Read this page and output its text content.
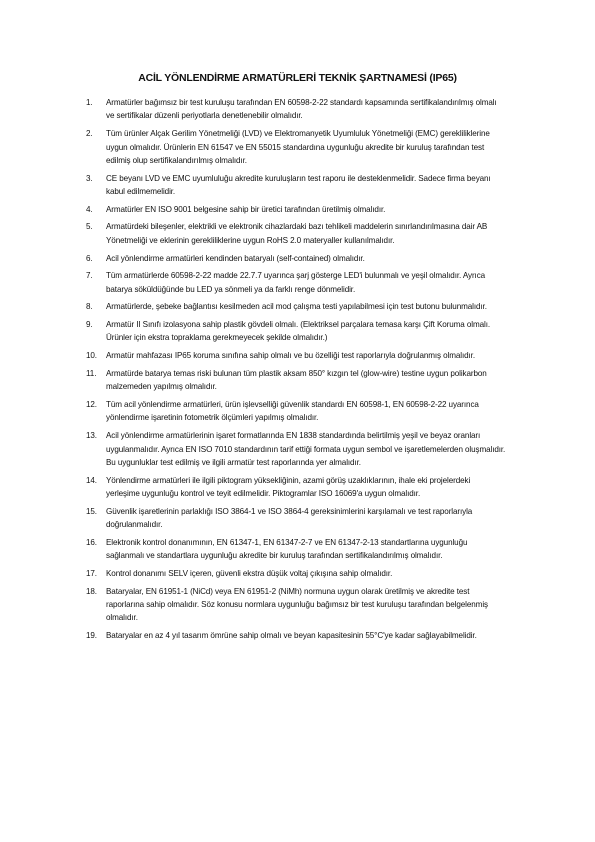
ACİL YÖNLENDİRME ARMATÜRLERİ TEKNİK ŞARTNAMESİ (IP65)
1.	Armatürler bağımsız bir test kuruluşu tarafından EN 60598-2-22 standardı kapsamında sertifikalandırılmış olmalı ve sertifikalar düzenli periyotlarla denetlenebilir olmalıdır.
2.	Tüm ürünler Alçak Gerilim Yönetmeliği (LVD) ve Elektromanyetik Uyumluluk Yönetmeliği (EMC) gerekliliklerine uygun olmalıdır. Ürünlerin EN 61547 ve EN 55015 standardına uygunluğu akredite bir kuruluş tarafından test edilmiş olup sertifikalandırılmış olmalıdır.
3.	CE beyanı LVD ve EMC uyumluluğu akredite kuruluşların test raporu ile desteklenmelidir. Sadece firma beyanı kabul edilmemelidir.
4.	Armatürler EN ISO 9001 belgesine sahip bir üretici tarafından üretilmiş olmalıdır.
5.	Armatürdeki bileşenler, elektrikli ve elektronik cihazlardaki bazı tehlikeli maddelerin sınırlandırılmasına dair AB Yönetmeliği ve eklerinin gerekliliklerine uygun RoHS 2.0 materyaller kullanılmalıdır.
6.	Acil yönlendirme armatürleri kendinden bataryalı (self-contained) olmalıdır.
7.	Tüm armatürlerde 60598-2-22 madde 22.7.7 uyarınca şarj gösterge LED'i bulunmalı ve yeşil olmalıdır. Ayrıca batarya söküldüğünde bu LED ya sönmeli ya da farklı renge dönmelidir.
8.	Armatürlerde, şebeke bağlantısı kesilmeden acil mod çalışma testi yapılabilmesi için test butonu bulunmalıdır.
9.	Armatür II Sınıfı izolasyona sahip plastik gövdeli olmalı. (Elektriksel parçalara temasa karşı Çift Koruma olmalı. Ürünler için ekstra topraklama gerekmeyecek şekilde olmalıdır.)
10.	Armatür mahfazası IP65 koruma sınıfına sahip olmalı ve bu özelliği test raporlarıyla doğrulanmış olmalıdır.
11.	Armatürde batarya temas riski bulunan tüm plastik aksam 850° kızgın tel (glow-wire) testine uygun polikarbon malzemeden yapılmış olmalıdır.
12.	Tüm acil yönlendirme armatürleri, ürün işlevselliği güvenlik standardı EN 60598-1, EN 60598-2-22 uyarınca yönlendirme işaretinin fotometrik ölçümleri yapılmış olmalıdır.
13.	Acil yönlendirme armatürlerinin işaret formatlarında EN 1838 standardında belirtilmiş yeşil ve beyaz oranları uygulanmalıdır. Ayrıca EN ISO 7010 standardının tarif ettiği formata uygun sembol ve işaretlemelerden oluşmalıdır. Bu uygunluklar test edilmiş ve ilgili armatür test raporlarında yer almalıdır.
14.	Yönlendirme armatürleri ile ilgili piktogram yüksekliğinin, azami görüş uzaklıklarının, ihale eki projelerdeki yerleşime uygunluğu kontrol ve teyit edilmelidir. Piktogramlar ISO 16069'a uygun olmalıdır.
15.	Güvenlik işaretlerinin parlaklığı ISO 3864-1 ve ISO 3864-4 gereksinimlerini karşılamalı ve test raporlarıyla doğrulanmalıdır.
16.	Elektronik kontrol donanımının, EN 61347-1, EN 61347-2-7 ve EN 61347-2-13 standartlarına uygunluğu sağlanmalı ve standartlara uygunluğu akredite bir kuruluş tarafından sertifikalandırılmış olmalıdır.
17.	Kontrol donanımı SELV içeren, güvenli ekstra düşük voltaj çıkışına sahip olmalıdır.
18.	Bataryalar, EN 61951-1 (NiCd) veya EN 61951-2 (NiMh) normuna uygun olarak üretilmiş ve akredite test raporlarına sahip olmalıdır. Söz konusu normlara uygunluğu bağımsız bir test kuruluşu tarafından belgelenmiş olmalıdır.
19.	Bataryalar en az 4 yıl tasarım ömrüne sahip olmalı ve beyan kapasitesinin 55°C'ye kadar sağlayabilmelidir.
